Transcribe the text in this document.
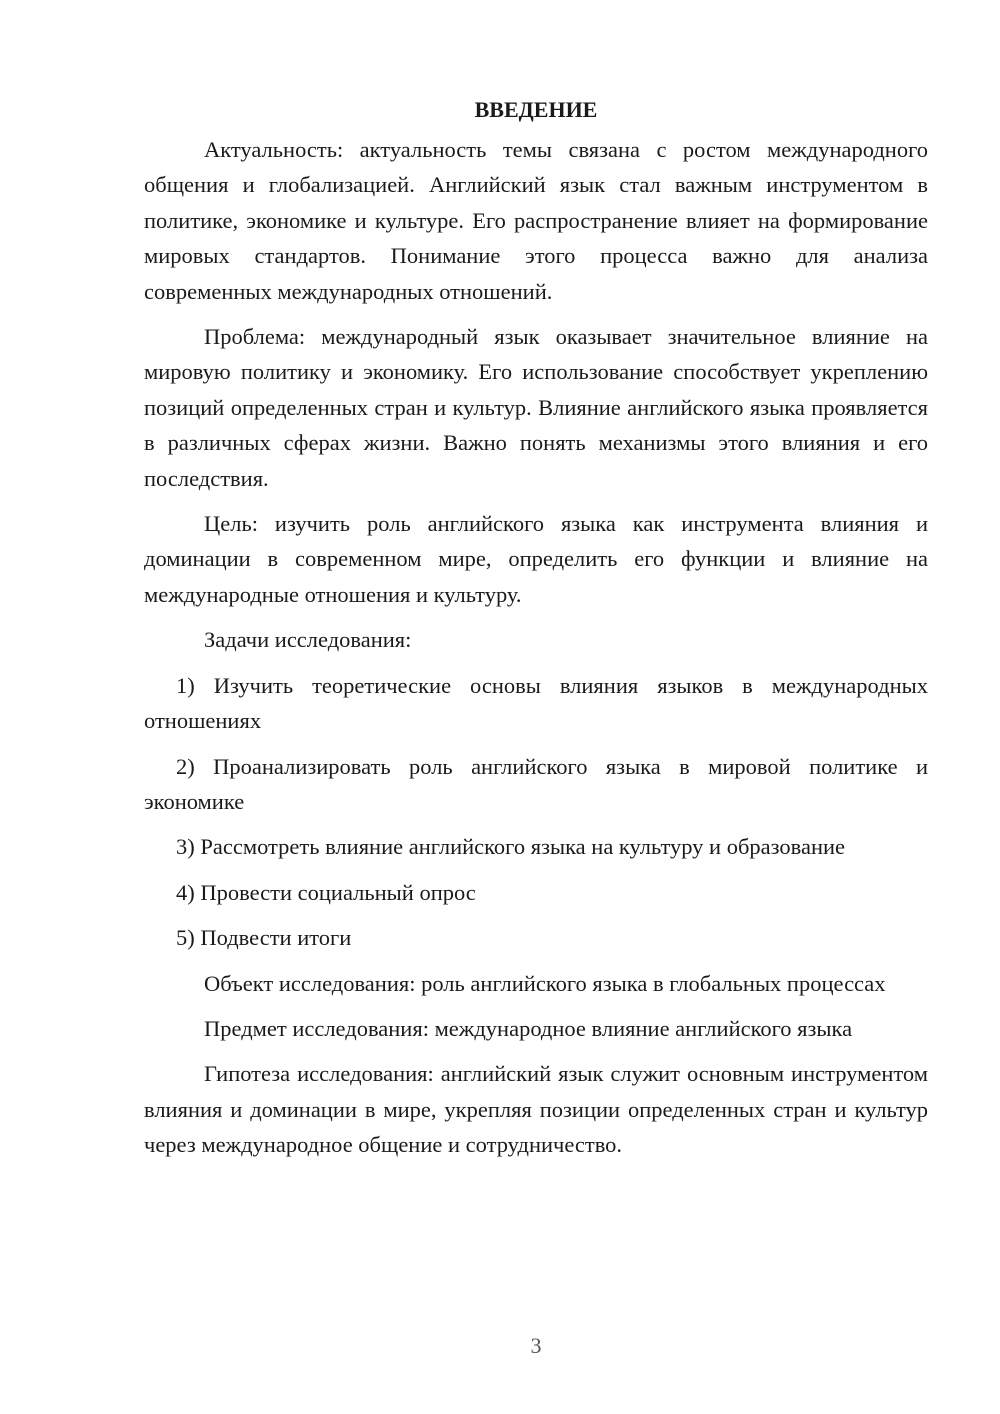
ВВЕДЕНИЕ

Актуальность: актуальность темы связана с ростом международного общения и глобализацией. Английский язык стал важным инструментом в политике, экономике и культуре. Его распространение влияет на формирование мировых стандартов. Понимание этого процесса важно для анализа современных международных отношений.

Проблема: международный язык оказывает значительное влияние на мировую политику и экономику. Его использование способствует укреплению позиций определенных стран и культур. Влияние английского языка проявляется в различных сферах жизни. Важно понять механизмы этого влияния и его последствия.

Цель: изучить роль английского языка как инструмента влияния и доминации в современном мире, определить его функции и влияние на международные отношения и культуру.

Задачи исследования:

1) Изучить теоретические основы влияния языков в международных отношениях

2) Проанализировать роль английского языка в мировой политике и экономике

3) Рассмотреть влияние английского языка на культуру и образование

4) Провести социальный опрос

5) Подвести итоги

Объект исследования: роль английского языка в глобальных процессах

Предмет исследования: международное влияние английского языка

Гипотеза исследования: английский язык служит основным инструментом влияния и доминации в мире, укрепляя позиции определенных стран и культур через международное общение и сотрудничество.

3
